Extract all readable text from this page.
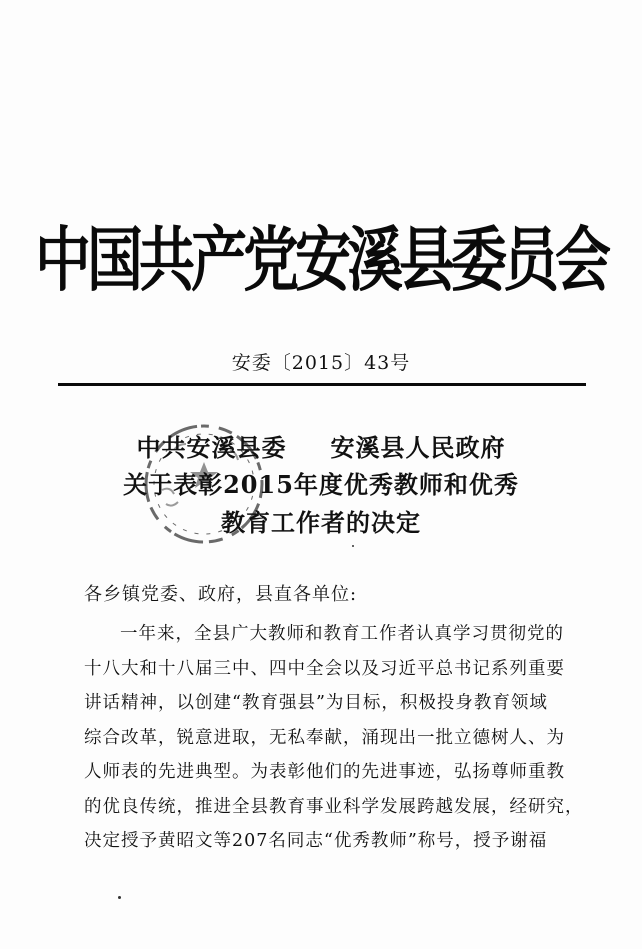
中国共产党安溪县委员会
安委〔2015〕43号
中共安溪县委 安溪县人民政府
关于表彰2015年度优秀教师和优秀
教育工作者的决定
各乡镇党委、政府，县直各单位:
一年来，全县广大教师和教育工作者认真学习贯彻党的
十八大和十八届三中、四中全会以及习近平总书记系列重要
讲话精神，以创建“教育强县”为目标，积极投身教育领域
综合改革，锐意进取，无私奉献，涌现出一批立德树人、为
人师表的先进典型。为表彰他们的先进事迹，弘扬尊师重教
的优良传统，推进全县教育事业科学发展跨越发展，经研究，
决定授予黄昭文等207名同志“优秀教师”称号，授予谢福
